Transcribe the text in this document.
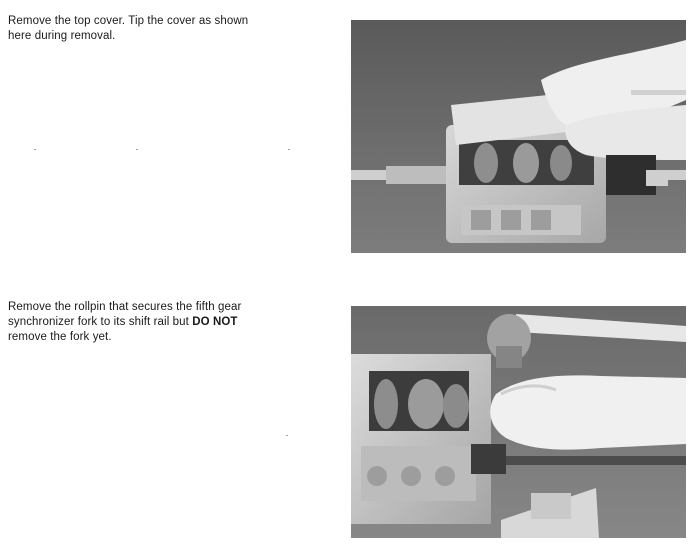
Remove the top cover. Tip the cover as shown here during removal.

Remove the rollpin that secures the fifth gear synchronizer fork to its shift rail but DO NOT remove the fork yet.
